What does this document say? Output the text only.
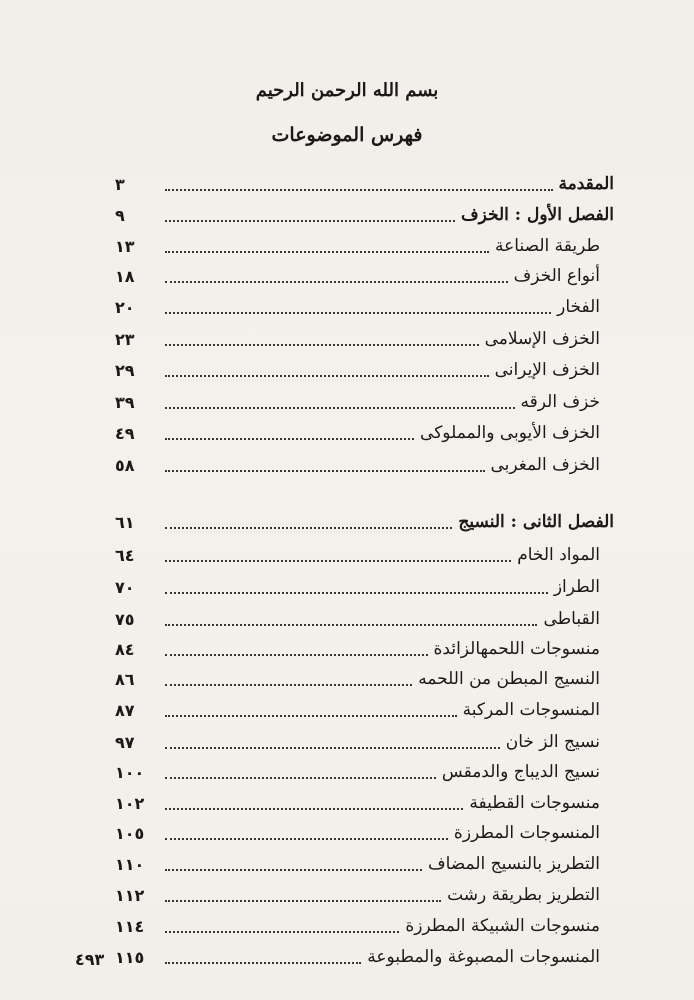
بسم الله الرحمن الرحيم
فهرس الموضوعات
المقدمة
٣
الفصل الأول : الخزف
٩
طريقة الصناعة
١٣
أنواع الخزف
١٨
الفخار
٢٠
الخزف الإسلامى
٢٣
الخزف الإيرانى
٢٩
خزف الرقه
٣٩
الخزف الأيوبى والمملوكى
٤٩
الخزف المغربى
٥٨
الفصل الثانى : النسيج
٦١
المواد الخام
٦٤
الطراز
٧٠
القباطى
٧٥
منسوجات اللحمهالزائدة
٨٤
النسيج المبطن من اللحمه
٨٦
المنسوجات المركبة
٨٧
نسيج الز خان
٩٧
نسيج الديباج والدمقس
١٠٠
منسوجات القطيفة
١٠٢
المنسوجات المطرزة
١٠٥
التطريز بالنسيج المضاف
١١٠
التطريز بطريقة رشت
١١٢
منسوجات الشبيكة المطرزة
١١٤
المنسوجات المصبوغة والمطبوعة
١١٥
٤٩٣
